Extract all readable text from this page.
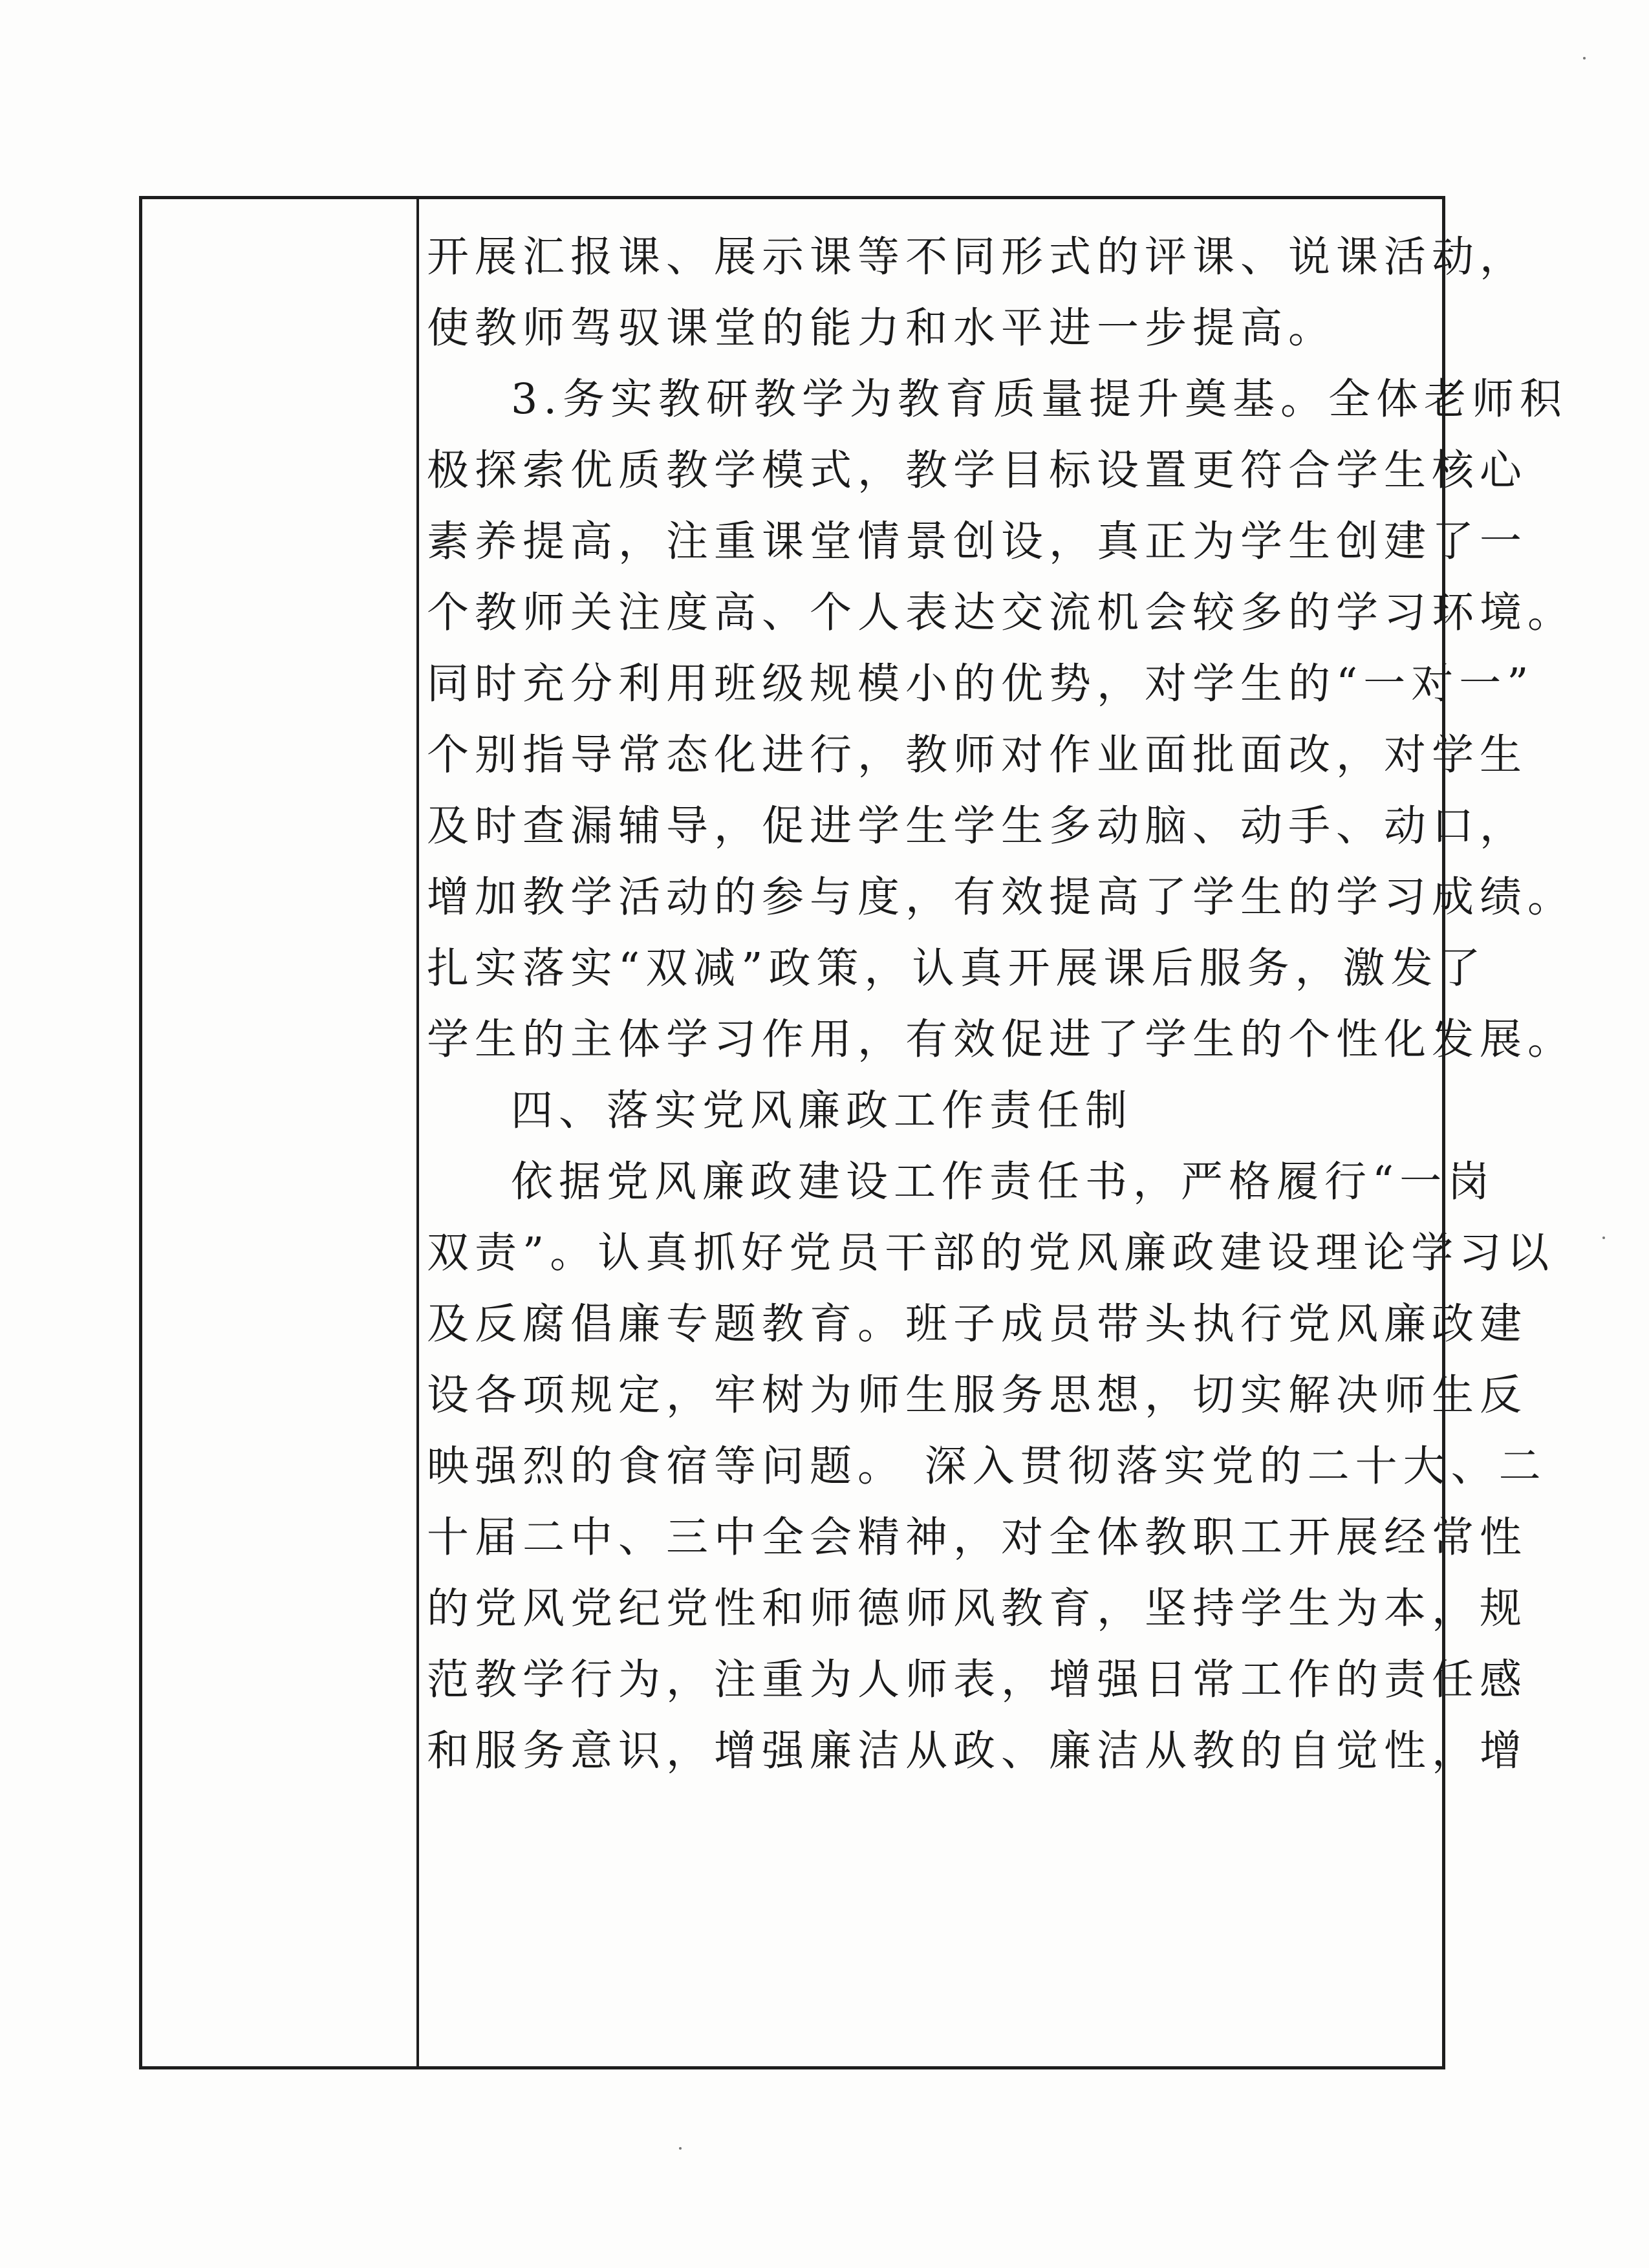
开展汇报课、展示课等不同形式的评课、说课活动，
使教师驾驭课堂的能力和水平进一步提高。
3.务实教研教学为教育质量提升奠基。全体老师积
极探索优质教学模式，教学目标设置更符合学生核心
素养提高，注重课堂情景创设，真正为学生创建了一
个教师关注度高、个人表达交流机会较多的学习环境。
同时充分利用班级规模小的优势，对学生的“一对一”
个别指导常态化进行，教师对作业面批面改，对学生
及时查漏辅导，促进学生学生多动脑、动手、动口，
增加教学活动的参与度，有效提高了学生的学习成绩。
扎实落实“双减”政策，认真开展课后服务，激发了
学生的主体学习作用，有效促进了学生的个性化发展。
四、落实党风廉政工作责任制
依据党风廉政建设工作责任书，严格履行“一岗
双责”。认真抓好党员干部的党风廉政建设理论学习以
及反腐倡廉专题教育。班子成员带头执行党风廉政建
设各项规定，牢树为师生服务思想，切实解决师生反
映强烈的食宿等问题。 深入贯彻落实党的二十大、二
十届二中、三中全会精神，对全体教职工开展经常性
的党风党纪党性和师德师风教育，坚持学生为本，规
范教学行为，注重为人师表，增强日常工作的责任感
和服务意识，增强廉洁从政、廉洁从教的自觉性，增
